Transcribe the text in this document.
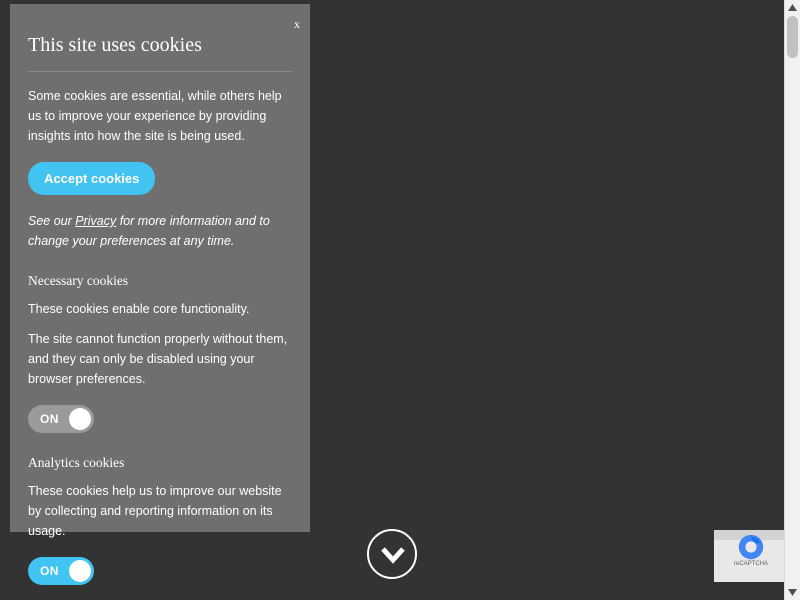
x
This site uses cookies

Some cookies are essential, while others help us to improve your experience by providing insights into how the site is being used.

Accept cookies

See our Privacy for more information and to change your preferences at any time.

Necessary cookies

These cookies enable core functionality.

The site cannot function properly without them, and they can only be disabled using your browser preferences.

ON
Analytics cookies

These cookies help us to improve our website by collecting and reporting information on its usage.

ON	reCAPTCHA
